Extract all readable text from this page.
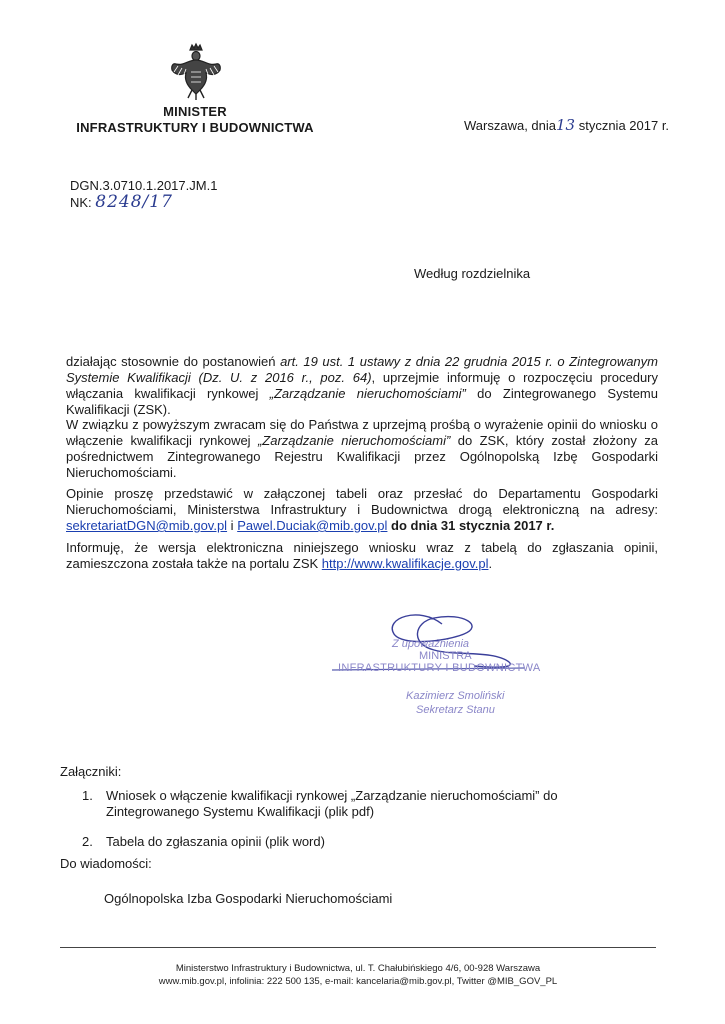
MINISTER
INFRASTRUKTURY I BUDOWNICTWA	Warszawa, dnia13 stycznia 2017 r.
DGN.3.0710.1.2017.JM.1
NK: 8248/17
Według rozdzielnika
działając stosownie do postanowień art. 19 ust. 1 ustawy z dnia 22 grudnia 2015 r. o Zintegrowanym Systemie Kwalifikacji (Dz. U. z 2016 r., poz. 64), uprzejmie informuję o rozpoczęciu procedury włączania kwalifikacji rynkowej „Zarządzanie nieruchomościami” do Zintegrowanego Systemu Kwalifikacji (ZSK).
W związku z powyższym zwracam się do Państwa z uprzejmą prośbą o wyrażenie opinii do wniosku o włączenie kwalifikacji rynkowej „Zarządzanie nieruchomościami” do ZSK, który został złożony za pośrednictwem Zintegrowanego Rejestru Kwalifikacji przez Ogólnopolską Izbę Gospodarki Nieruchomościami.
Opinie proszę przedstawić w załączonej tabeli oraz przesłać do Departamentu Gospodarki Nieruchomościami, Ministerstwa Infrastruktury i Budownictwa drogą elektroniczną na adresy: sekretariatDGN@mib.gov.pl i Pawel.Duciak@mib.gov.pl do dnia 31 stycznia 2017 r.
Informuję, że wersja elektroniczna niniejszego wniosku wraz z tabelą do zgłaszania opinii, zamieszczona została także na portalu ZSK http://www.kwalifikacje.gov.pl.
Z upoważnienia
MINISTRA
INFRASTRUKTURY I BUDOWNICTWA
Kazimierz Smoliński
Sekretarz Stanu
Załączniki:
1.	Wniosek o włączenie kwalifikacji rynkowej „Zarządzanie nieruchomościami” do Zintegrowanego Systemu Kwalifikacji (plik pdf)
2.	Tabela do zgłaszania opinii (plik word)
Do wiadomości:
Ogólnopolska Izba Gospodarki Nieruchomościami
Ministerstwo Infrastruktury i Budownictwa, ul. T. Chałubińskiego 4/6, 00-928 Warszawa
www.mib.gov.pl, infolinia: 222 500 135, e-mail: kancelaria@mib.gov.pl, Twitter @MIB_GOV_PL
